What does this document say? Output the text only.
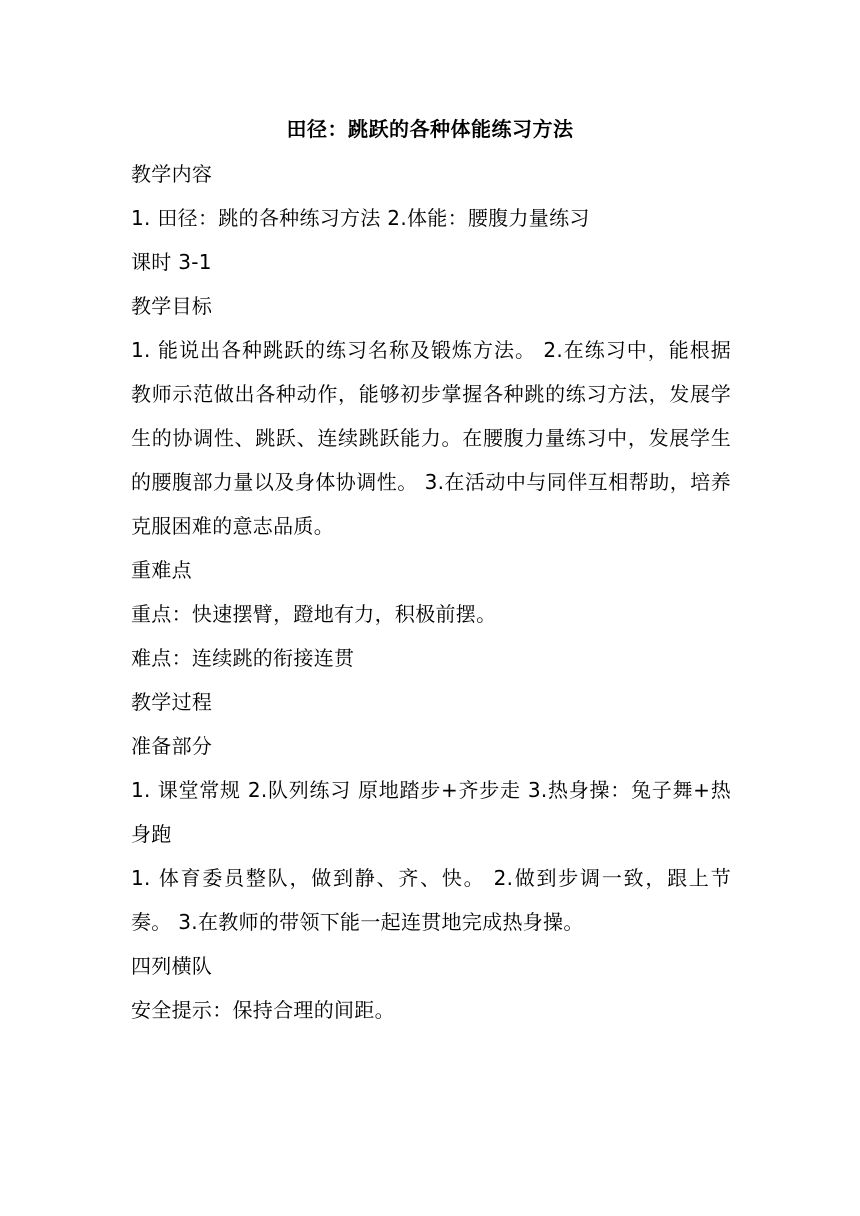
田径：跳跃的各种体能练习方法

教学内容

1. 田径：跳的各种练习方法 2.体能：腰腹力量练习

课时 3-1

教学目标

1. 能说出各种跳跃的练习名称及锻炼方法。 2.在练习中，能根据教师示范做出各种动作，能够初步掌握各种跳的练习方法，发展学生的协调性、跳跃、连续跳跃能力。在腰腹力量练习中，发展学生的腰腹部力量以及身体协调性。 3.在活动中与同伴互相帮助，培养克服困难的意志品质。

重难点

重点：快速摆臂，蹬地有力，积极前摆。

难点：连续跳的衔接连贯

教学过程

准备部分

1. 课堂常规 2.队列练习 原地踏步+齐步走 3.热身操：兔子舞+热身跑

1. 体育委员整队，做到静、齐、快。 2.做到步调一致，跟上节奏。 3.在教师的带领下能一起连贯地完成热身操。

四列横队

安全提示：保持合理的间距。
